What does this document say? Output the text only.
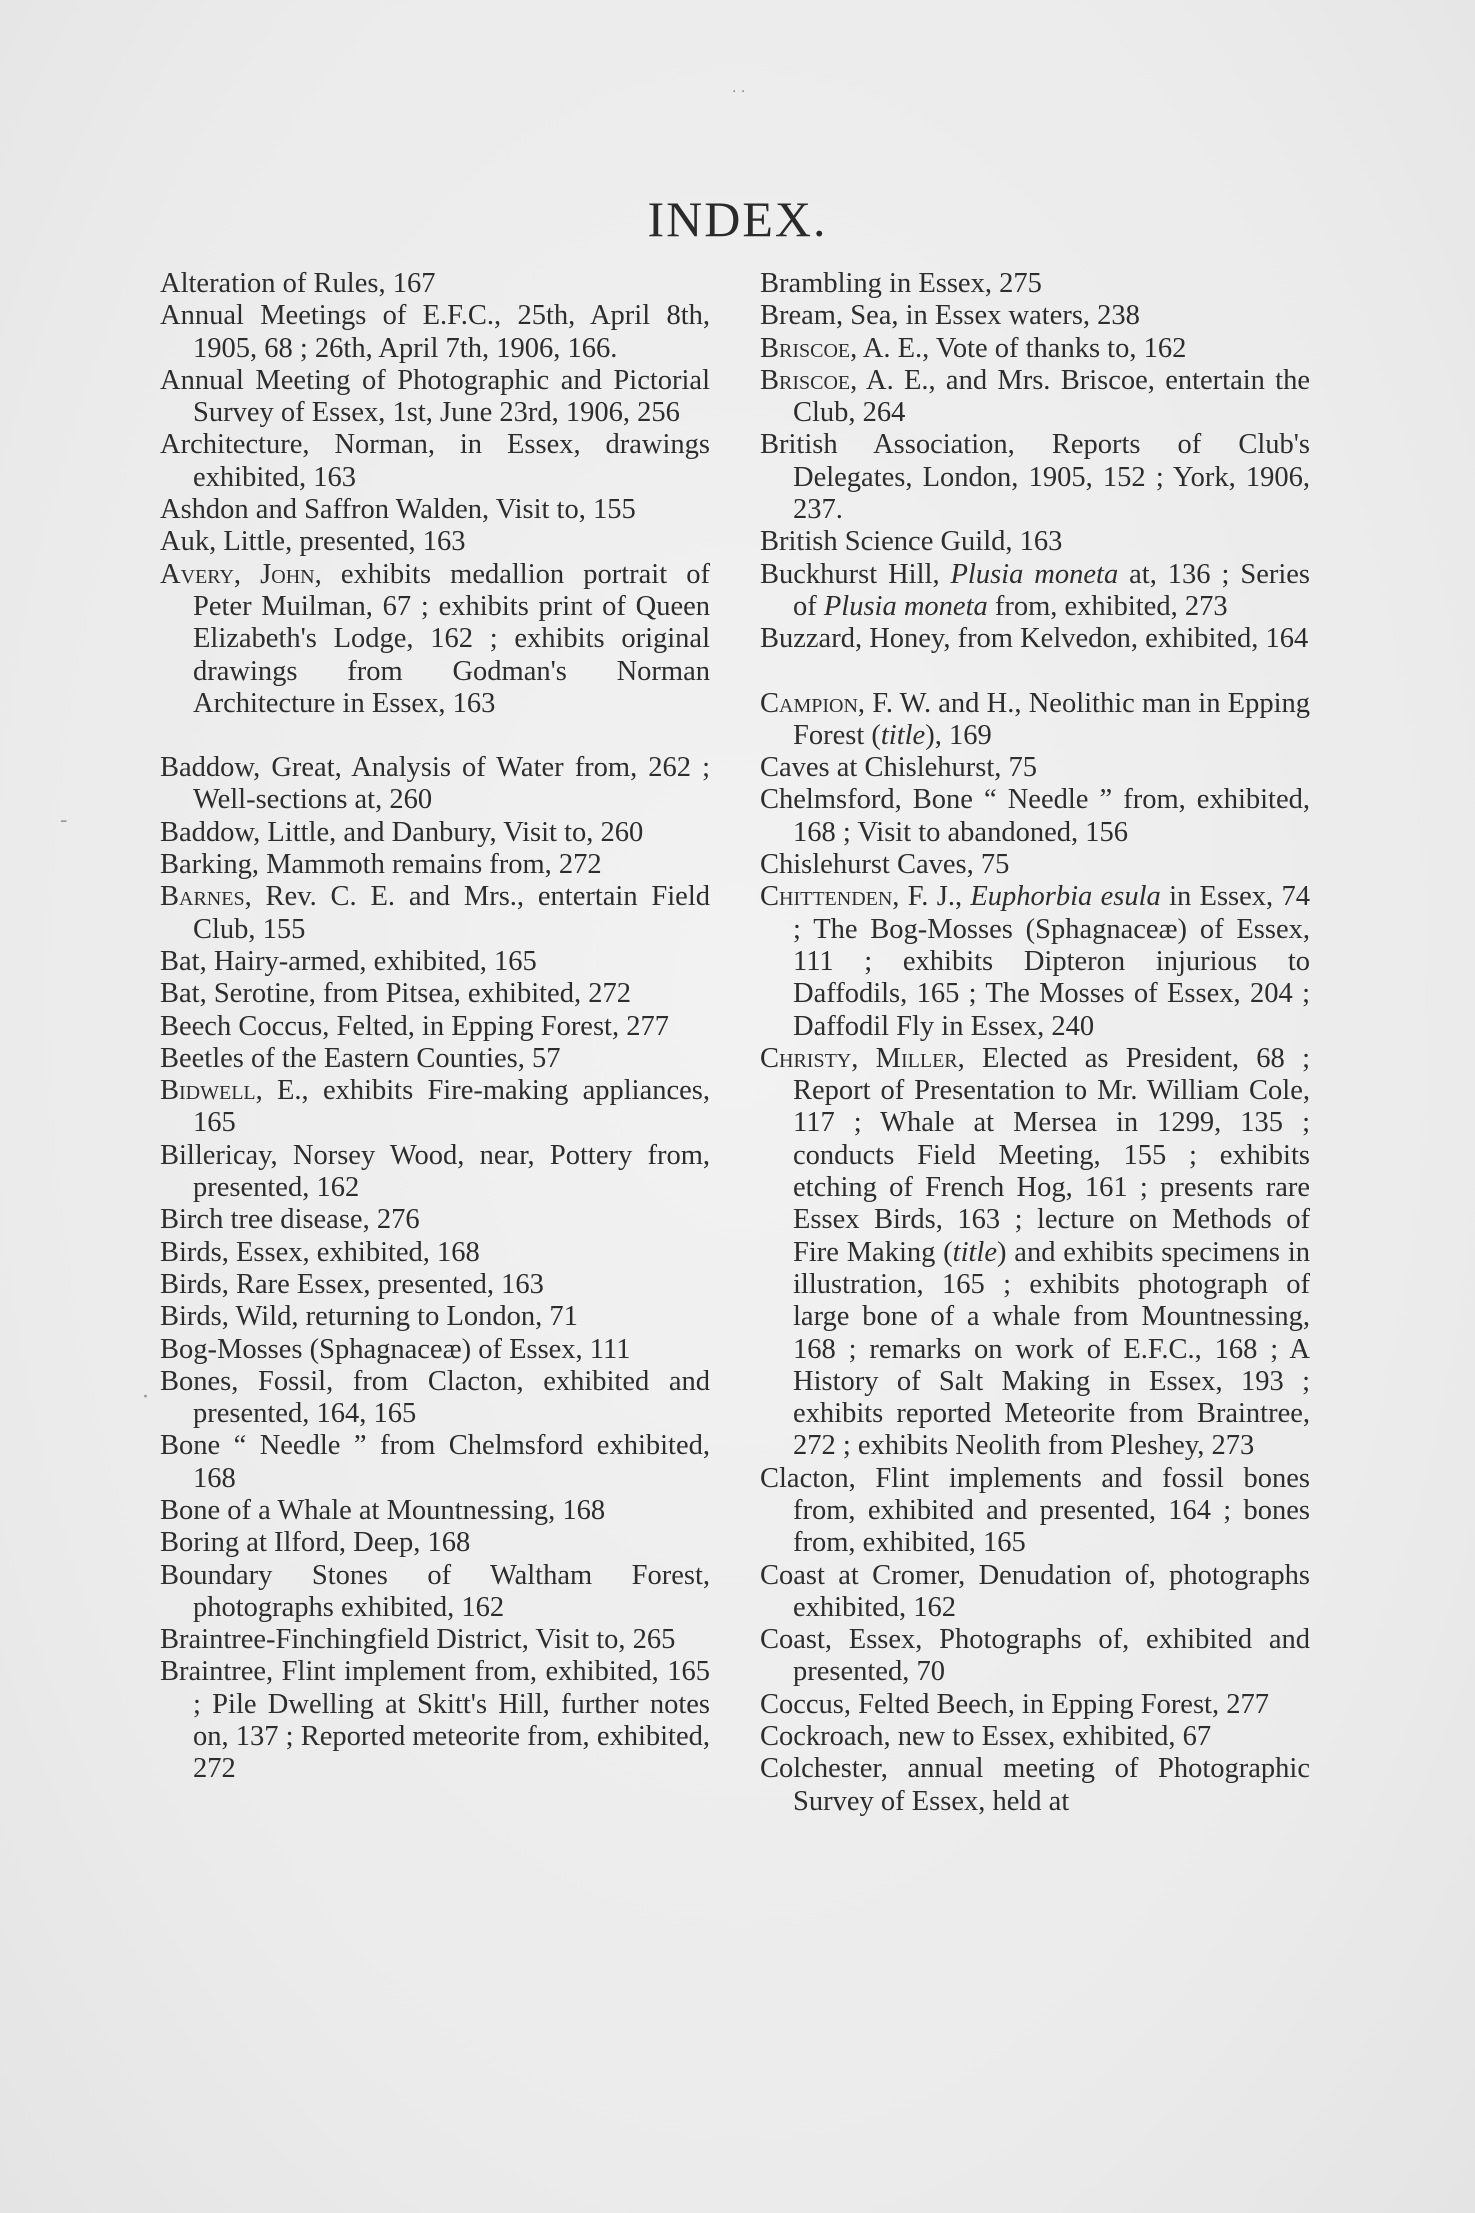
· ·
-
·
INDEX.

Alteration of Rules, 167

Annual Meetings of E.F.C., 25th, April 8th, 1905, 68 ; 26th, April 7th, 1906, 166.

Annual Meeting of Photographic and Pictorial Survey of Essex, 1st, June 23rd, 1906, 256

Architecture, Norman, in Essex, drawings exhibited, 163

Ashdon and Saffron Walden, Visit to, 155

Auk, Little, presented, 163

Avery, John, exhibits medallion portrait of Peter Muilman, 67 ; exhibits print of Queen Elizabeth's Lodge, 162 ; exhibits original drawings from Godman's Norman Architecture in Essex, 163

Baddow, Great, Analysis of Water from, 262 ; Well-sections at, 260

Baddow, Little, and Danbury, Visit to, 260

Barking, Mammoth remains from, 272

Barnes, Rev. C. E. and Mrs., entertain Field Club, 155

Bat, Hairy-armed, exhibited, 165

Bat, Serotine, from Pitsea, exhibited, 272

Beech Coccus, Felted, in Epping Forest, 277

Beetles of the Eastern Counties, 57

Bidwell, E., exhibits Fire-making appliances, 165

Billericay, Norsey Wood, near, Pottery from, presented, 162

Birch tree disease, 276

Birds, Essex, exhibited, 168

Birds, Rare Essex, presented, 163

Birds, Wild, returning to London, 71

Bog-Mosses (Sphagnaceæ) of Essex, 111

Bones, Fossil, from Clacton, exhibited and presented, 164, 165

Bone “ Needle ” from Chelmsford exhibited, 168

Bone of a Whale at Mountnessing, 168

Boring at Ilford, Deep, 168

Boundary Stones of Waltham Forest, photographs exhibited, 162

Braintree-Finchingfield District, Visit to, 265

Braintree, Flint implement from, exhibited, 165 ; Pile Dwelling at Skitt's Hill, further notes on, 137 ; Reported meteorite from, exhibited, 272

Brambling in Essex, 275

Bream, Sea, in Essex waters, 238

Briscoe, A. E., Vote of thanks to, 162

Briscoe, A. E., and Mrs. Briscoe, entertain the Club, 264

British Association, Reports of Club's Delegates, London, 1905, 152 ; York, 1906, 237.

British Science Guild, 163

Buckhurst Hill, Plusia moneta at, 136 ; Series of Plusia moneta from, exhibited, 273

Buzzard, Honey, from Kelvedon, exhibited, 164

Campion, F. W. and H., Neolithic man in Epping Forest (title), 169

Caves at Chislehurst, 75

Chelmsford, Bone “ Needle ” from, exhibited, 168 ; Visit to abandoned, 156

Chislehurst Caves, 75

Chittenden, F. J., Euphorbia esula in Essex, 74 ; The Bog-Mosses (Sphagnaceæ) of Essex, 111 ; exhibits Dipteron injurious to Daffodils, 165 ; The Mosses of Essex, 204 ; Daffodil Fly in Essex, 240

Christy, Miller, Elected as President, 68 ; Report of Presentation to Mr. William Cole, 117 ; Whale at Mersea in 1299, 135 ; conducts Field Meeting, 155 ; exhibits etching of French Hog, 161 ; presents rare Essex Birds, 163 ; lecture on Methods of Fire Making (title) and exhibits specimens in illustration, 165 ; exhibits photograph of large bone of a whale from Mountnessing, 168 ; remarks on work of E.F.C., 168 ; A History of Salt Making in Essex, 193 ; exhibits reported Meteorite from Braintree, 272 ; exhibits Neolith from Pleshey, 273

Clacton, Flint implements and fossil bones from, exhibited and presented, 164 ; bones from, exhibited, 165

Coast at Cromer, Denudation of, photographs exhibited, 162

Coast, Essex, Photographs of, exhibited and presented, 70

Coccus, Felted Beech, in Epping Forest, 277

Cockroach, new to Essex, exhibited, 67

Colchester, annual meeting of Photographic Survey of Essex, held at
